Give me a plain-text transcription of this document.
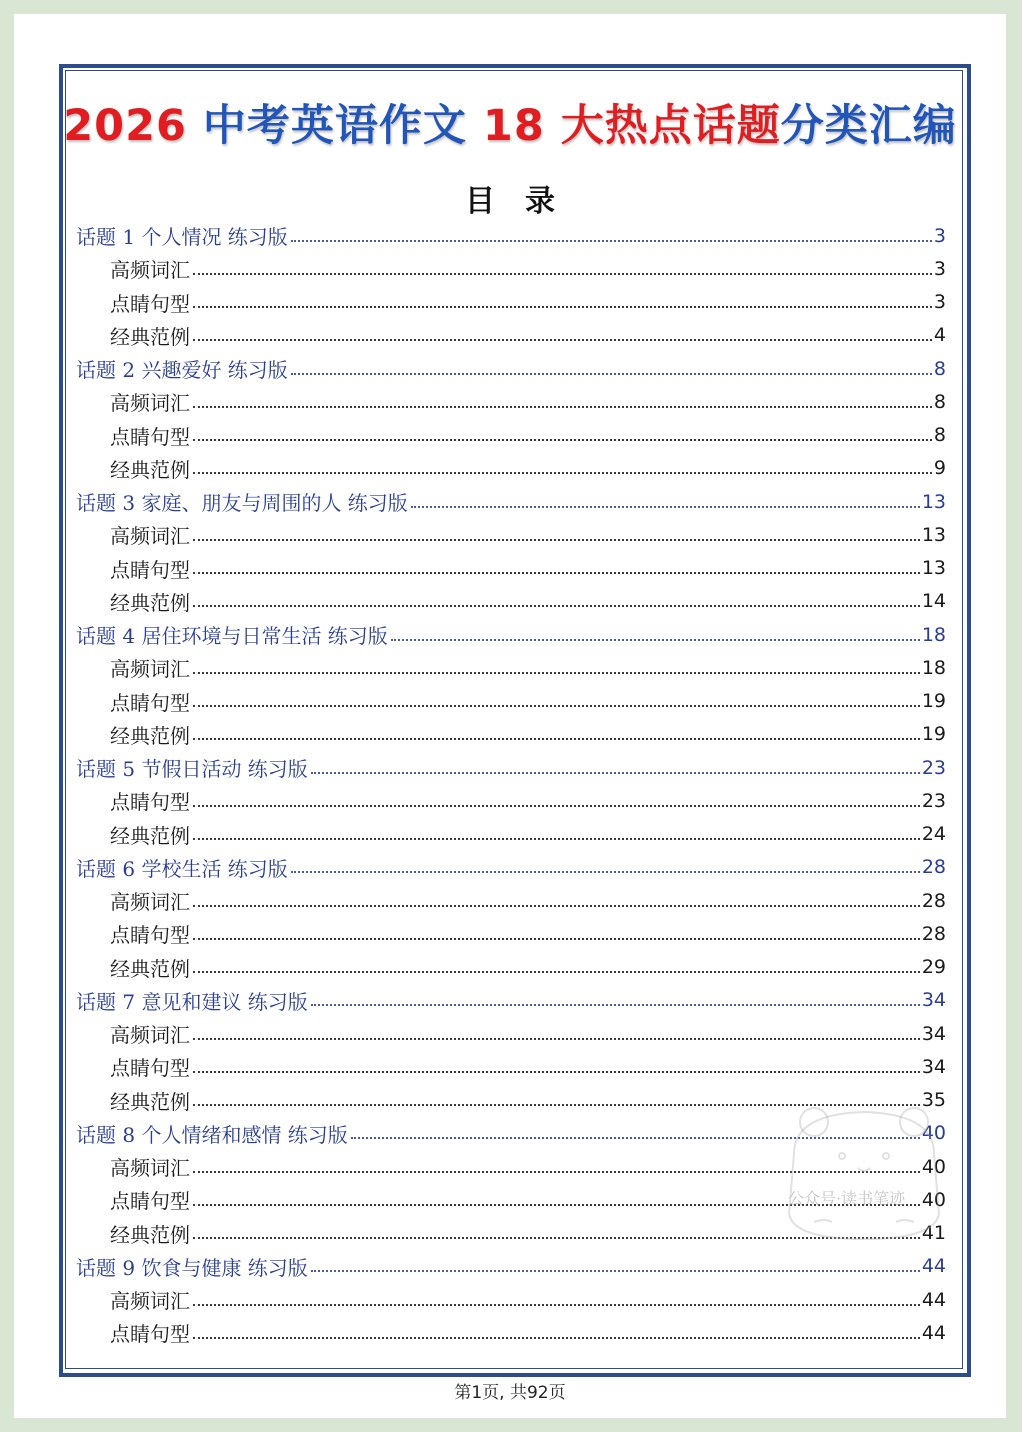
2026 中考英语作文 18 大热点话题分类汇编
目录
话题 1 个人情况 练习版	3
高频词汇	3
点睛句型	3
经典范例	4
话题 2 兴趣爱好 练习版	8
高频词汇	8
点睛句型	8
经典范例	9
话题 3 家庭、朋友与周围的人 练习版	13
高频词汇	13
点睛句型	13
经典范例	14
话题 4 居住环境与日常生活 练习版	18
高频词汇	18
点睛句型	19
经典范例	19
话题 5 节假日活动 练习版	23
点睛句型	23
经典范例	24
话题 6 学校生活 练习版	28
高频词汇	28
点睛句型	28
经典范例	29
话题 7 意见和建议 练习版	34
高频词汇	34
点睛句型	34
经典范例	35
话题 8 个人情绪和感情 练习版	40
高频词汇	40
点睛句型	40
经典范例	41
话题 9 饮食与健康 练习版	44
高频词汇	44
点睛句型	44
公众号·读书笔迹
第1页, 共92页
